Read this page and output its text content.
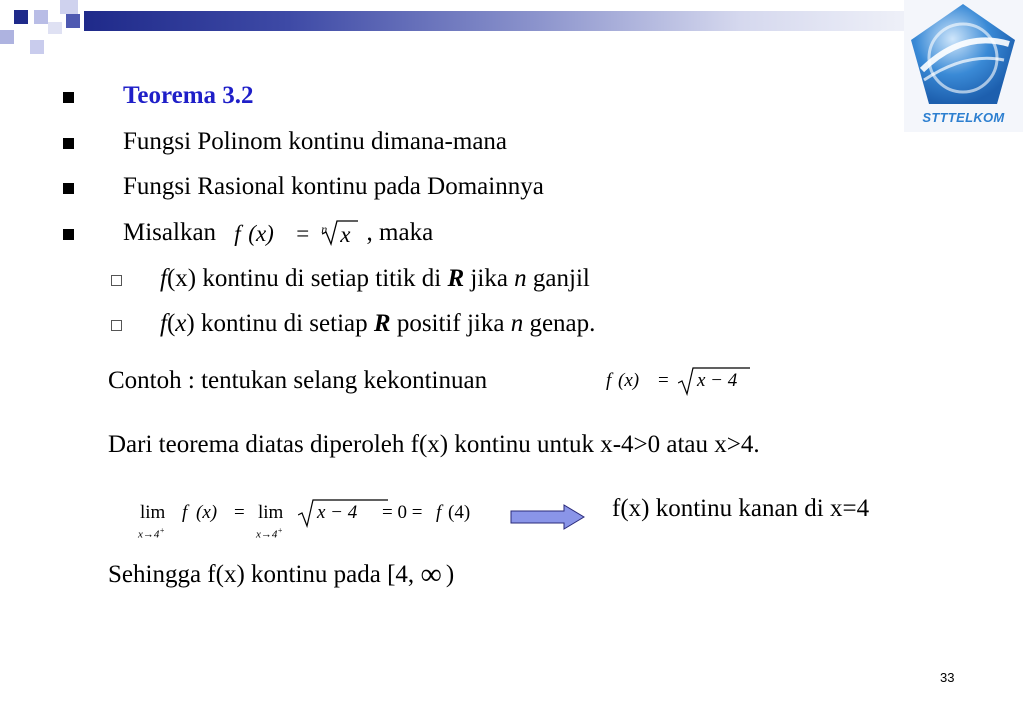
STTTELKOM
Teorema 3.2
Fungsi Polinom kontinu dimana-mana
Fungsi Rasional kontinu pada Domainnya
Misalkan f (x) = n x , maka
f(x) kontinu di setiap titik di R jika n ganjil
f(x) kontinu di setiap R positif jika n genap.
Contoh : tentukan selang kekontinuan	f (x) = x − 4
Dari teorema diatas diperoleh f(x) kontinu untuk x-4>0 atau x>4.
lim
x→4+
f (x) = lim
x→4+
x − 4 = 0 = f (4)	f(x) kontinu kanan di x=4
Sehingga f(x) kontinu pada [4, ∞ )
33
